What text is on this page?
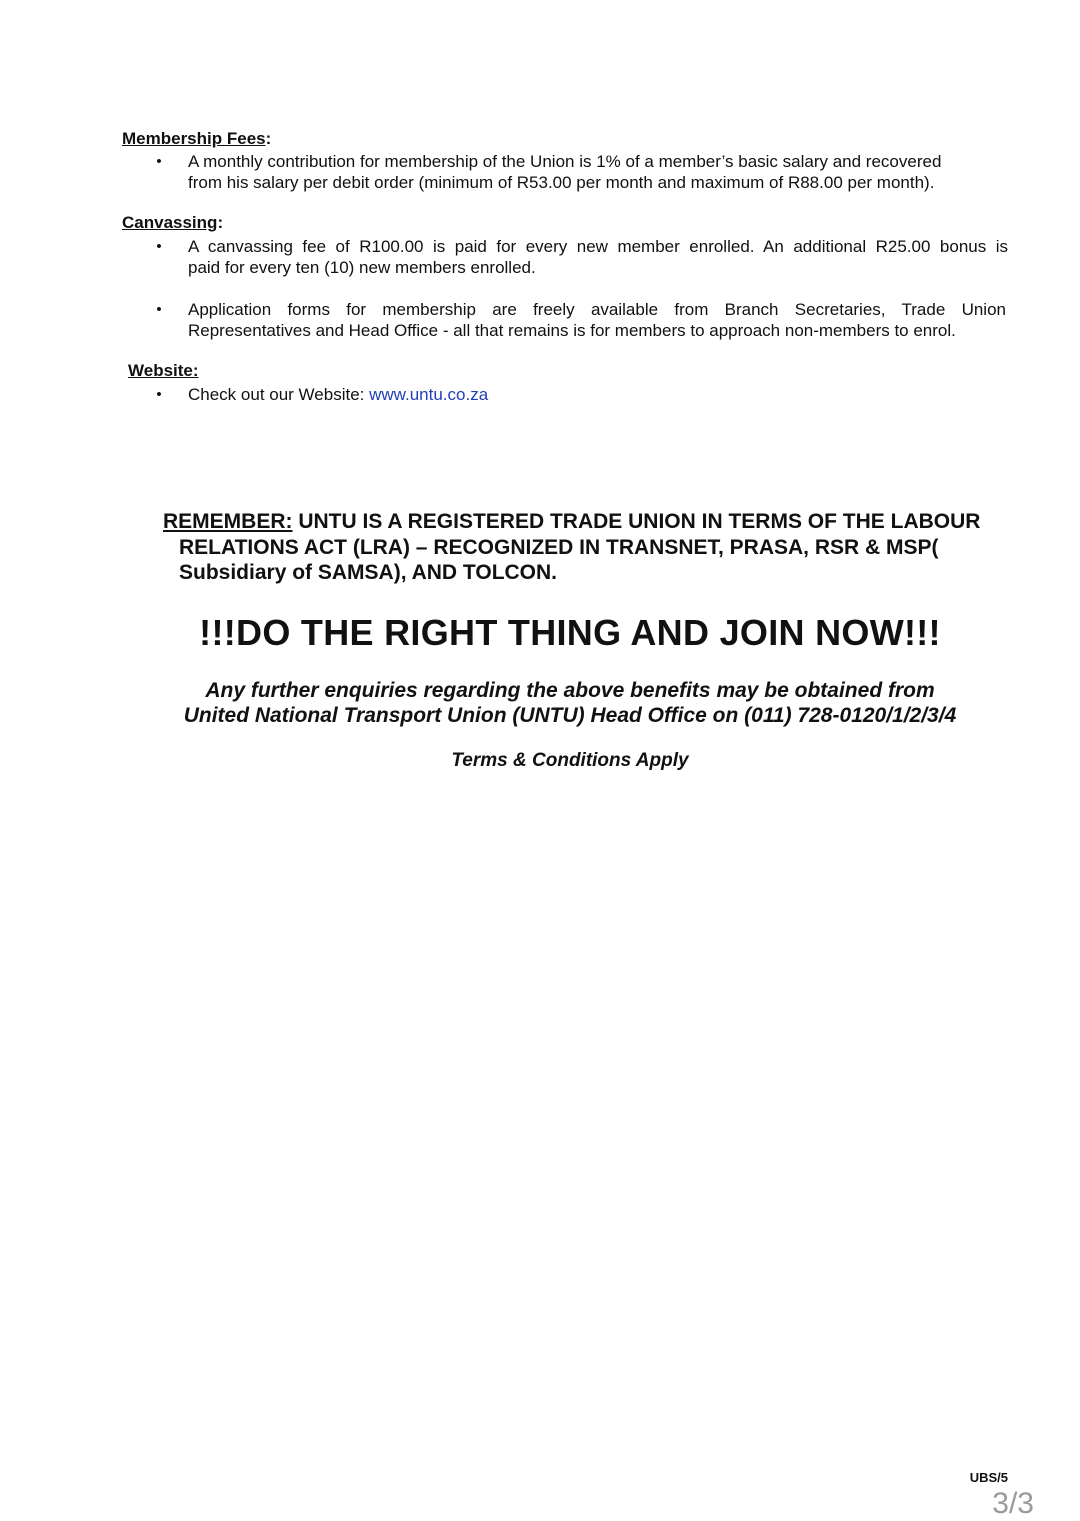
Membership Fees:

• A monthly contribution for membership of the Union is 1% of a member’s basic salary and recovered
from his salary per debit order (minimum of R53.00 per month and maximum of R88.00 per month).

Canvassing:

• A canvassing fee of R100.00 is paid for every new member enrolled. An additional R25.00 bonus is
paid for every ten (10) new members enrolled.
• Application forms for membership are freely available from Branch Secretaries, Trade Union
Representatives and Head Office - all that remains is for members to approach non-members to enrol.

Website:

• Check out our Website: www.untu.co.za
REMEMBER: UNTU IS A REGISTERED TRADE UNION IN TERMS OF THE LABOUR
RELATIONS ACT (LRA) – RECOGNIZED IN TRANSNET, PRASA, RSR & MSP(
Subsidiary of SAMSA), AND TOLCON.
!!!DO THE RIGHT THING AND JOIN NOW!!!
Any further enquiries regarding the above benefits may be obtained from
United National Transport Union (UNTU) Head Office on (011) 728-0120/1/2/3/4
Terms & Conditions Apply
UBS/5
3/3
